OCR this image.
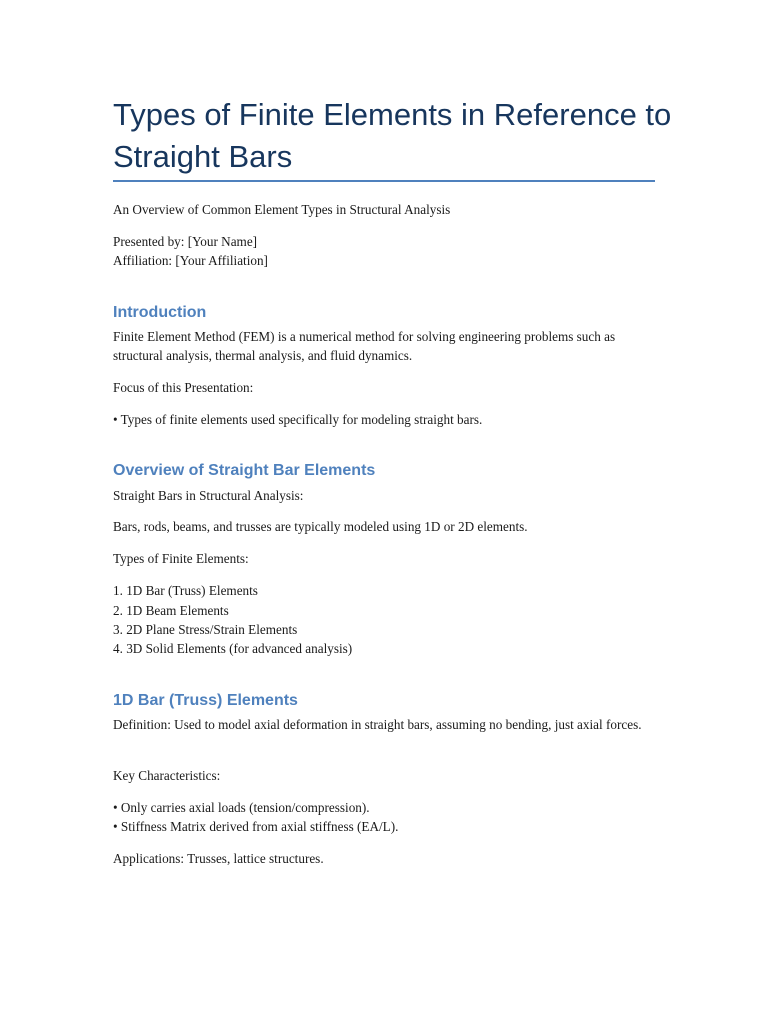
Types of Finite Elements in Reference to
Straight Bars

An Overview of Common Element Types in Structural Analysis

Presented by: [Your Name]

Affiliation: [Your Affiliation]

Introduction

Finite Element Method (FEM) is a numerical method for solving engineering problems such as structural analysis, thermal analysis, and fluid dynamics.

Focus of this Presentation:

• Types of finite elements used specifically for modeling straight bars.

Overview of Straight Bar Elements

Straight Bars in Structural Analysis:

Bars, rods, beams, and trusses are typically modeled using 1D or 2D elements.

Types of Finite Elements:

1. 1D Bar (Truss) Elements

2. 1D Beam Elements

3. 2D Plane Stress/Strain Elements

4. 3D Solid Elements (for advanced analysis)

1D Bar (Truss) Elements

Definition: Used to model axial deformation in straight bars, assuming no bending, just axial forces.

Key Characteristics:

• Only carries axial loads (tension/compression).

• Stiffness Matrix derived from axial stiffness (EA/L).

Applications: Trusses, lattice structures.
